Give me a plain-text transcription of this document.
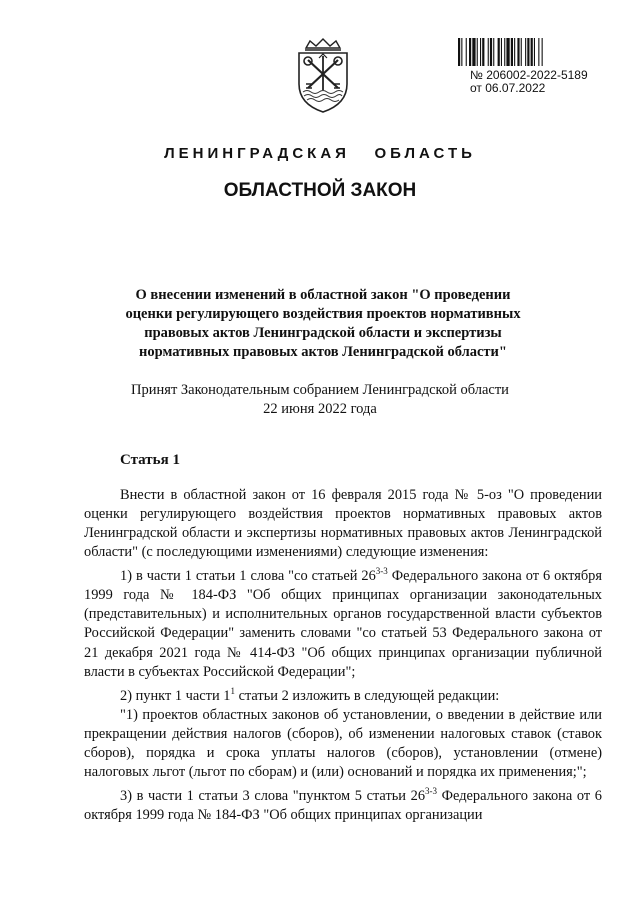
№ 206002-2022-5189
от 06.07.2022
ЛЕНИНГРАДСКАЯ   ОБЛАСТЬ
ОБЛАСТНОЙ ЗАКОН
О внесении изменений в областной закон "О проведении оценки регулирующего воздействия проектов нормативных правовых актов Ленинградской области и экспертизы нормативных правовых актов Ленинградской области"
Принят Законодательным собранием Ленинградской области
22 июня 2022 года
Статья 1

Внести в областной закон от 16 февраля 2015 года № 5-оз "О проведении оценки регулирующего воздействия проектов нормативных правовых актов Ленинградской области и экспертизы нормативных правовых актов Ленинградской области" (с последующими изменениями) следующие изменения:

1) в части 1 статьи 1 слова "со статьей 26$^{3-3}$ Федерального закона от 6 октября 1999 года № 184-ФЗ "Об общих принципах организации законодательных (представительных) и исполнительных органов государственной власти субъектов Российской Федерации" заменить словами "со статьей 53 Федерального закона от 21 декабря 2021 года № 414-ФЗ "Об общих принципах организации публичной власти в субъектах Российской Федерации";

2) пункт 1 части $1^1$ статьи 2 изложить в следующей редакции:

"1) проектов областных законов об установлении, о введении в действие или прекращении действия налогов (сборов), об изменении налоговых ставок (ставок сборов), порядка и срока уплаты налогов (сборов), установлении (отмене) налоговых льгот (льгот по сборам) и (или) оснований и порядка их применения;";

3) в части 1 статьи 3 слова "пунктом 5 статьи 26$^{3-3}$ Федерального закона от 6 октября 1999 года № 184-ФЗ "Об общих принципах организации
